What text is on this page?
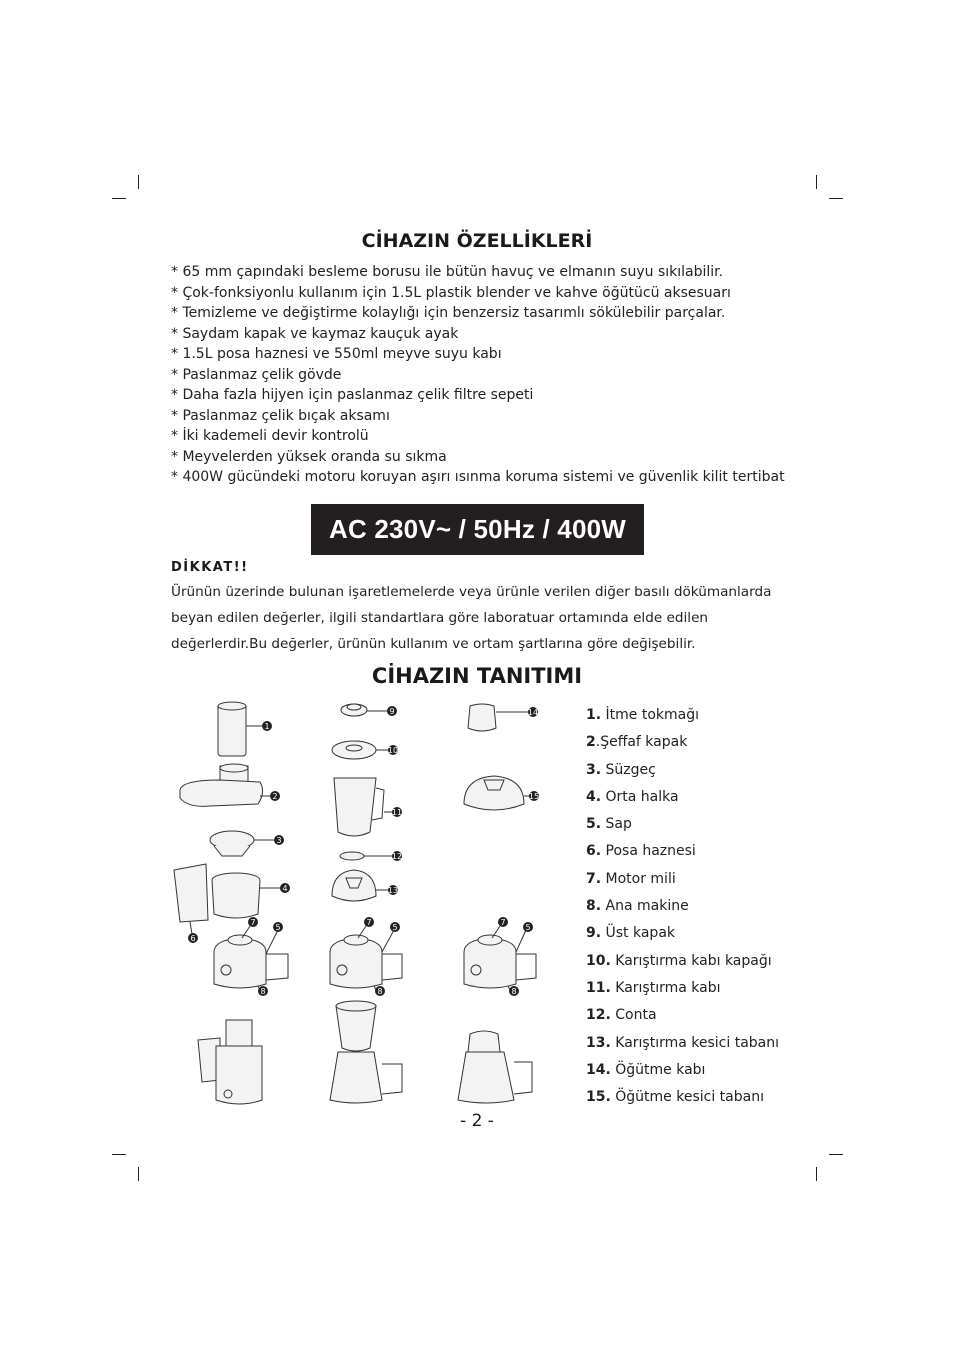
CİHAZIN ÖZELLİKLERİ
* 65 mm çapındaki besleme borusu ile bütün havuç ve elmanın suyu sıkılabilir.
* Çok-fonksiyonlu kullanım için 1.5L plastik blender ve kahve öğütücü aksesuarı
* Temizleme ve değiştirme kolaylığı için benzersiz tasarımlı sökülebilir parçalar.
* Saydam kapak ve kaymaz kauçuk ayak
* 1.5L posa haznesi ve 550ml meyve suyu kabı
* Paslanmaz çelik gövde
* Daha fazla hijyen için paslanmaz çelik filtre sepeti
* Paslanmaz çelik bıçak aksamı
* İki kademeli devir kontrolü
* Meyvelerden yüksek oranda su sıkma
* 400W gücündeki motoru koruyan aşırı ısınma koruma sistemi ve güvenlik kilit tertibat
AC 230V~ / 50Hz / 400W
DİKKAT!!

Ürünün üzerinde bulunan işaretlemelerde veya ürünle verilen diğer basılı dökümanlarda
beyan edilen değerler, ilgili standartlara göre laboratuar ortamında elde edilen
değerlerdir.Bu değerler, ürünün kullanım ve ortam şartlarına göre değişebilir.

CİHAZIN TANITIMI
1
2
3
4
5
6
7
8
9
10
11
12
13
14
15
7
5
8
7
5
8
1. İtme tokmağı
2.Şeffaf kapak
3. Süzgeç
4. Orta halka
5. Sap
6. Posa haznesi
7. Motor mili
8. Ana makine
9. Üst kapak
10. Karıştırma kabı kapağı
11. Karıştırma kabı
12. Conta
13. Karıştırma kesici tabanı
14. Öğütme kabı
15. Öğütme kesici tabanı
- 2 -
